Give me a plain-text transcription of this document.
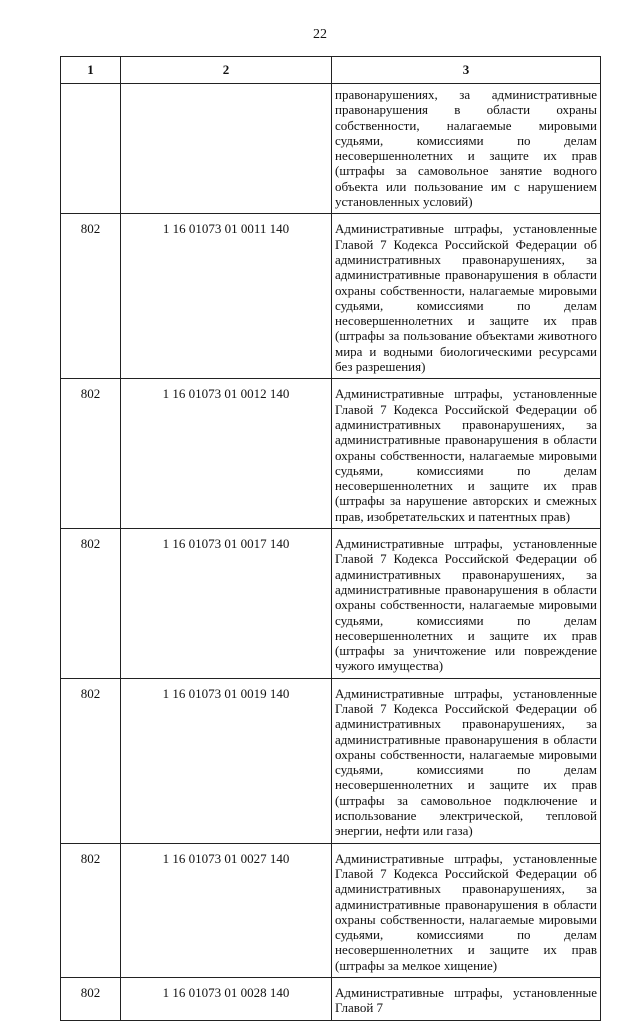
22
1	2	3
		правонарушениях, за административные правонарушения в области охраны собственности, налагаемые мировыми судьями, комиссиями по делам несовершеннолетних и защите их прав (штрафы за самовольное занятие водного объекта или пользование им с нарушением установленных условий)
802	1 16 01073 01 0011 140	Административные штрафы, установленные Главой 7 Кодекса Российской Федерации об административных правонарушениях, за административные правонарушения в области охраны собственности, налагаемые мировыми судьями, комиссиями по делам несовершеннолетних и защите их прав (штрафы за пользование объектами животного мира и водными биологическими ресурсами без разрешения)
802	1 16 01073 01 0012 140	Административные штрафы, установленные Главой 7 Кодекса Российской Федерации об административных правонарушениях, за административные правонарушения в области охраны собственности, налагаемые мировыми судьями, комиссиями по делам несовершеннолетних и защите их прав (штрафы за нарушение авторских и смежных прав, изобретательских и патентных прав)
802	1 16 01073 01 0017 140	Административные штрафы, установленные Главой 7 Кодекса Российской Федерации об административных правонарушениях, за административные правонарушения в области охраны собственности, налагаемые мировыми судьями, комиссиями по делам несовершеннолетних и защите их прав (штрафы за уничтожение или повреждение чужого имущества)
802	1 16 01073 01 0019 140	Административные штрафы, установленные Главой 7 Кодекса Российской Федерации об административных правонарушениях, за административные правонарушения в области охраны собственности, налагаемые мировыми судьями, комиссиями по делам несовершеннолетних и защите их прав (штрафы за самовольное подключение и использование электрической, тепловой энергии, нефти или газа)
802	1 16 01073 01 0027 140	Административные штрафы, установленные Главой 7 Кодекса Российской Федерации об административных правонарушениях, за административные правонарушения в области охраны собственности, налагаемые мировыми судьями, комиссиями по делам несовершеннолетних и защите их прав (штрафы за мелкое хищение)
802	1 16 01073 01 0028 140	Административные штрафы, установленные Главой 7
